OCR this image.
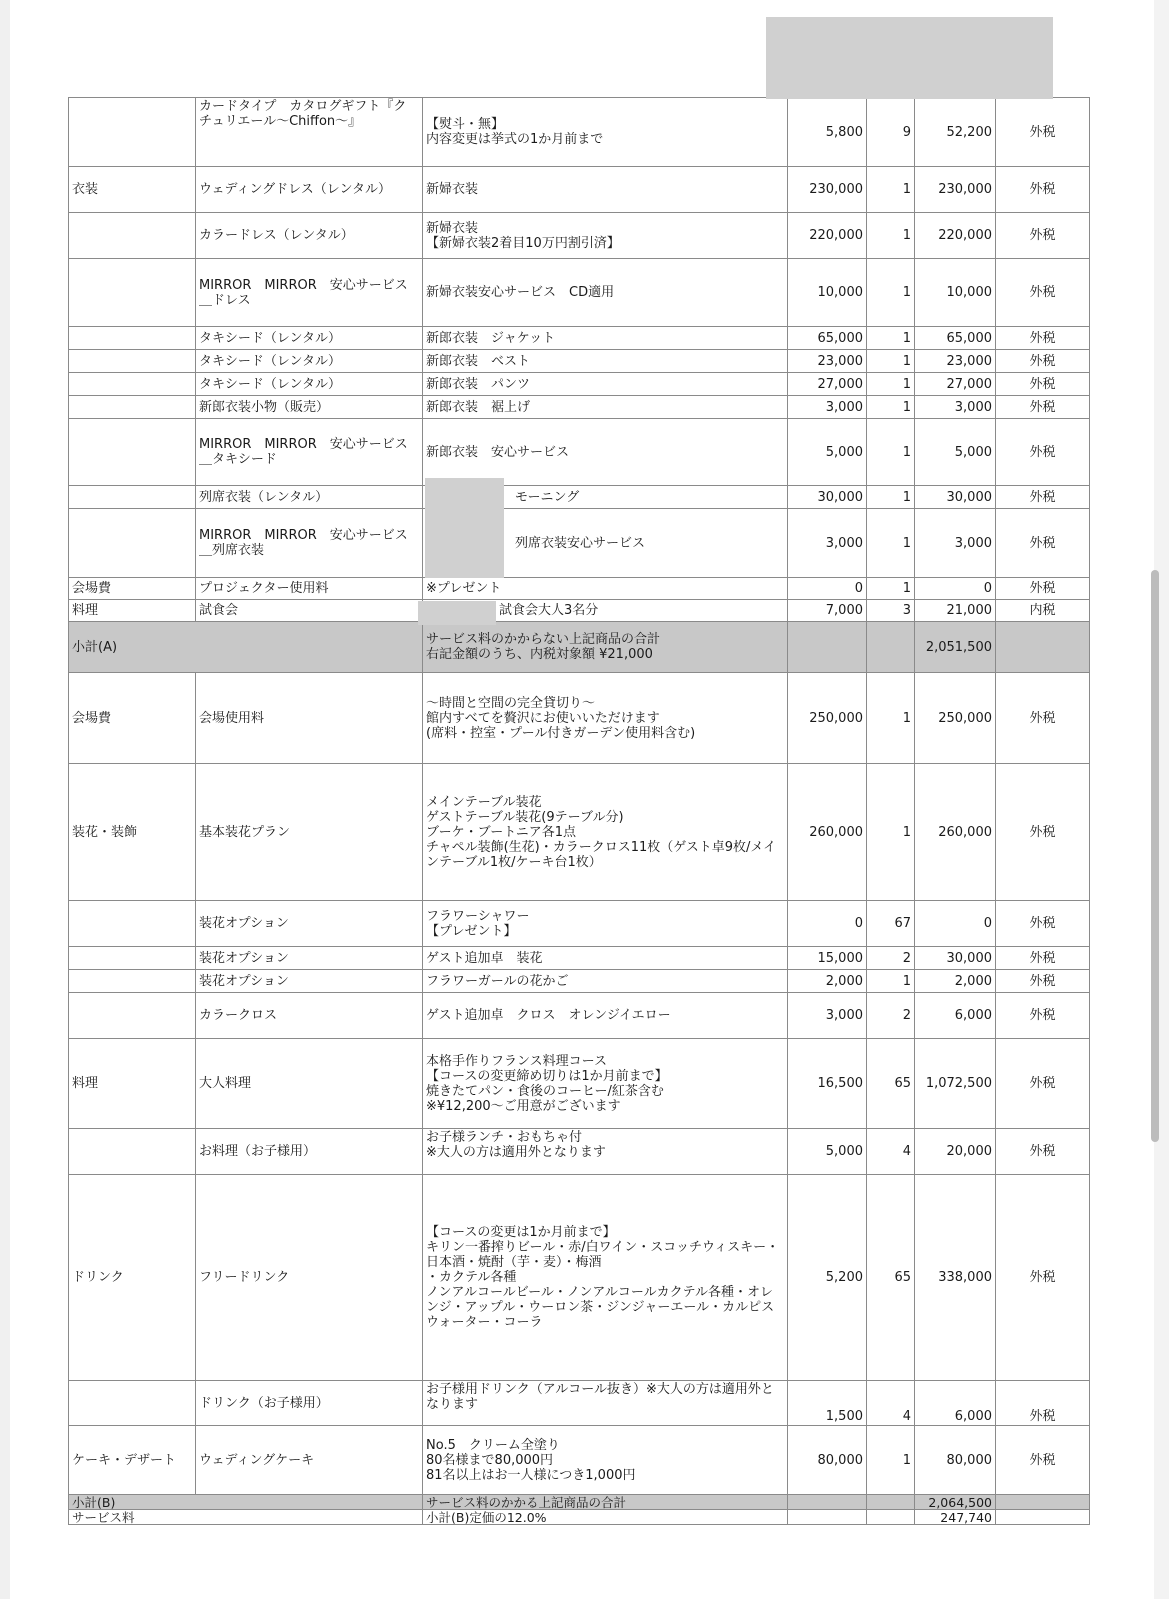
	カードタイプ　カタログギフト『クチュリエール〜Chiffon〜』	【熨斗・無】
内容変更は挙式の1か月前まで	5,800	9	52,200	外税
衣装	ウェディングドレス（レンタル）	新婦衣装	230,000	1	230,000	外税
	カラードレス（レンタル）	新婦衣装
【新婦衣装2着目10万円割引済】	220,000	1	220,000	外税
	MIRROR　MIRROR　安心サービス＿ドレス	新婦衣装安心サービス　CD適用	10,000	1	10,000	外税
	タキシード（レンタル）	新郎衣装　ジャケット	65,000	1	65,000	外税
	タキシード（レンタル）	新郎衣装　ベスト	23,000	1	23,000	外税
	タキシード（レンタル）	新郎衣装　パンツ	27,000	1	27,000	外税
	新郎衣装小物（販売）	新郎衣装　裾上げ	3,000	1	3,000	外税
	MIRROR　MIRROR　安心サービス＿タキシード	新郎衣装　安心サービス	5,000	1	5,000	外税
	列席衣装（レンタル）	モーニング	30,000	1	30,000	外税
	MIRROR　MIRROR　安心サービス＿列席衣装	列席衣装安心サービス	3,000	1	3,000	外税
会場費	プロジェクター使用料	※プレゼント	0	1	0	外税
料理	試食会	試食会大人3名分	7,000	3	21,000	内税
小計(A)		サービス料のかからない上記商品の合計
右記金額のうち、内税対象額 ¥21,000			2,051,500	
会場費	会場使用料	〜時間と空間の完全貸切り〜
館内すべてを贅沢にお使いいただけます
(席料・控室・プール付きガーデン使用料含む)	250,000	1	250,000	外税
装花・装飾	基本装花プラン	メインテーブル装花
ゲストテーブル装花(9テーブル分)
ブーケ・ブートニア各1点
チャペル装飾(生花)・カラークロス11枚（ゲスト卓9枚/メインテーブル1枚/ケーキ台1枚）	260,000	1	260,000	外税
	装花オプション	フラワーシャワー
【プレゼント】	0	67	0	外税
	装花オプション	ゲスト追加卓　装花	15,000	2	30,000	外税
	装花オプション	フラワーガールの花かご	2,000	1	2,000	外税
	カラークロス	ゲスト追加卓　クロス　オレンジイエロー	3,000	2	6,000	外税
料理	大人料理	本格手作りフランス料理コース
【コースの変更締め切りは1か月前まで】
焼きたてパン・食後のコーヒー/紅茶含む
※¥12,200〜ご用意がございます	16,500	65	1,072,500	外税
	お料理（お子様用）	お子様ランチ・おもちゃ付
※大人の方は適用外となります	5,000	4	20,000	外税
ドリンク	フリードリンク	【コースの変更は1か月前まで】
キリン一番搾りビール・赤/白ワイン・スコッチウィスキー・日本酒・焼酎（芋・麦）・梅酒
・カクテル各種
ノンアルコールビール・ノンアルコールカクテル各種・オレンジ・アップル・ウーロン茶・ジンジャーエール・カルピスウォーター・コーラ	5,200	65	338,000	外税
	ドリンク（お子様用）	お子様用ドリンク（アルコール抜き）※大人の方は適用外となります	1,500	4	6,000	外税
ケーキ・デザート	ウェディングケーキ	No.5　クリーム全塗り
80名様まで80,000円
81名以上はお一人様につき1,000円	80,000	1	80,000	外税
小計(B)		サービス料のかかる上記商品の合計			2,064,500	
サービス料		小計(B)定価の12.0%			247,740	
